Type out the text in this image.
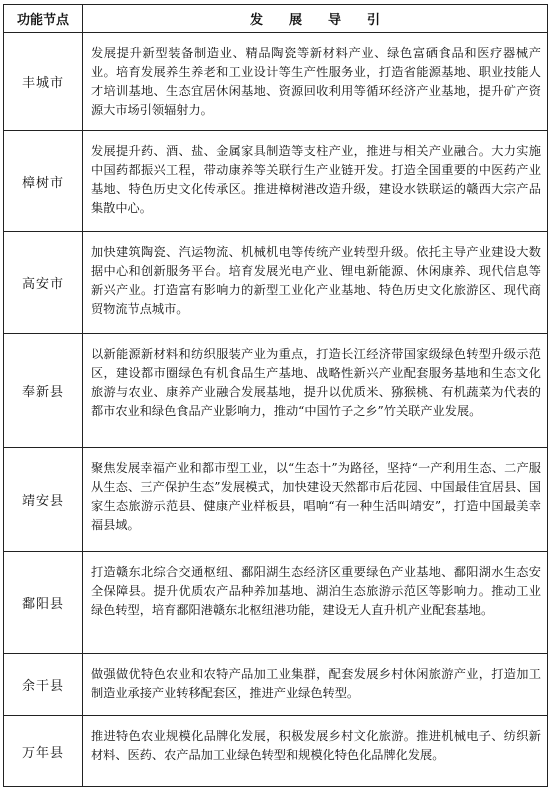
功能节点	发展导引
丰城市	发展提升新型装备制造业、精品陶瓷等新材料产业、绿色富硒食品和医疗器械产业。培育发展养生养老和工业设计等生产性服务业，打造省能源基地、职业技能人才培训基地、生态宜居休闲基地、资源回收利用等循环经济产业基地，提升矿产资源大市场引领辐射力。
樟树市	发展提升药、酒、盐、金属家具制造等支柱产业，推进与相关产业融合。大力实施中国药都振兴工程，带动康养等关联行生产业链开发。打造全国重要的中医药产业基地、特色历史文化传承区。推进樟树港改造升级，建设水铁联运的赣西大宗产品集散中心。
高安市	加快建筑陶瓷、汽运物流、机械机电等传统产业转型升级。依托主导产业建设大数据中心和创新服务平台。培育发展光电产业、锂电新能源、休闲康养、现代信息等新兴产业。打造富有影响力的新型工业化产业基地、特色历史文化旅游区、现代商贸物流节点城市。
奉新县	以新能源新材料和纺织服装产业为重点，打造长江经济带国家级绿色转型升级示范区，建设都市圈绿色有机食品生产基地、战略性新兴产业配套服务基地和生态文化旅游与农业、康养产业融合发展基地，提升以优质米、猕猴桃、有机蔬菜为代表的都市农业和绿色食品产业影响力，推动“中国竹子之乡”竹关联产业发展。
靖安县	聚焦发展幸福产业和都市型工业，以“生态十”为路径，坚持“一产利用生态、二产服从生态、三产保护生态”发展模式，加快建设天然都市后花园、中国最佳宜居县、国家生态旅游示范县、健康产业样板县，唱响“有一种生活叫靖安”，打造中国最美幸福县域。
鄱阳县	打造赣东北综合交通枢纽、鄱阳湖生态经济区重要绿色产业基地、鄱阳湖水生态安全保障县。提升优质农产品种养加基地、湖泊生态旅游示范区等影响力。推动工业绿色转型，培育鄱阳港赣东北枢纽港功能，建设无人直升机产业配套基地。
余干县	做强做优特色农业和农特产品加工业集群，配套发展乡村休闲旅游产业，打造加工制造业承接产业转移配套区，推进产业绿色转型。
万年县	推进特色农业规模化品牌化发展，积极发展乡村文化旅游。推进机械电子、纺织新材料、医药、农产品加工业绿色转型和规模化特色化品牌化发展。
